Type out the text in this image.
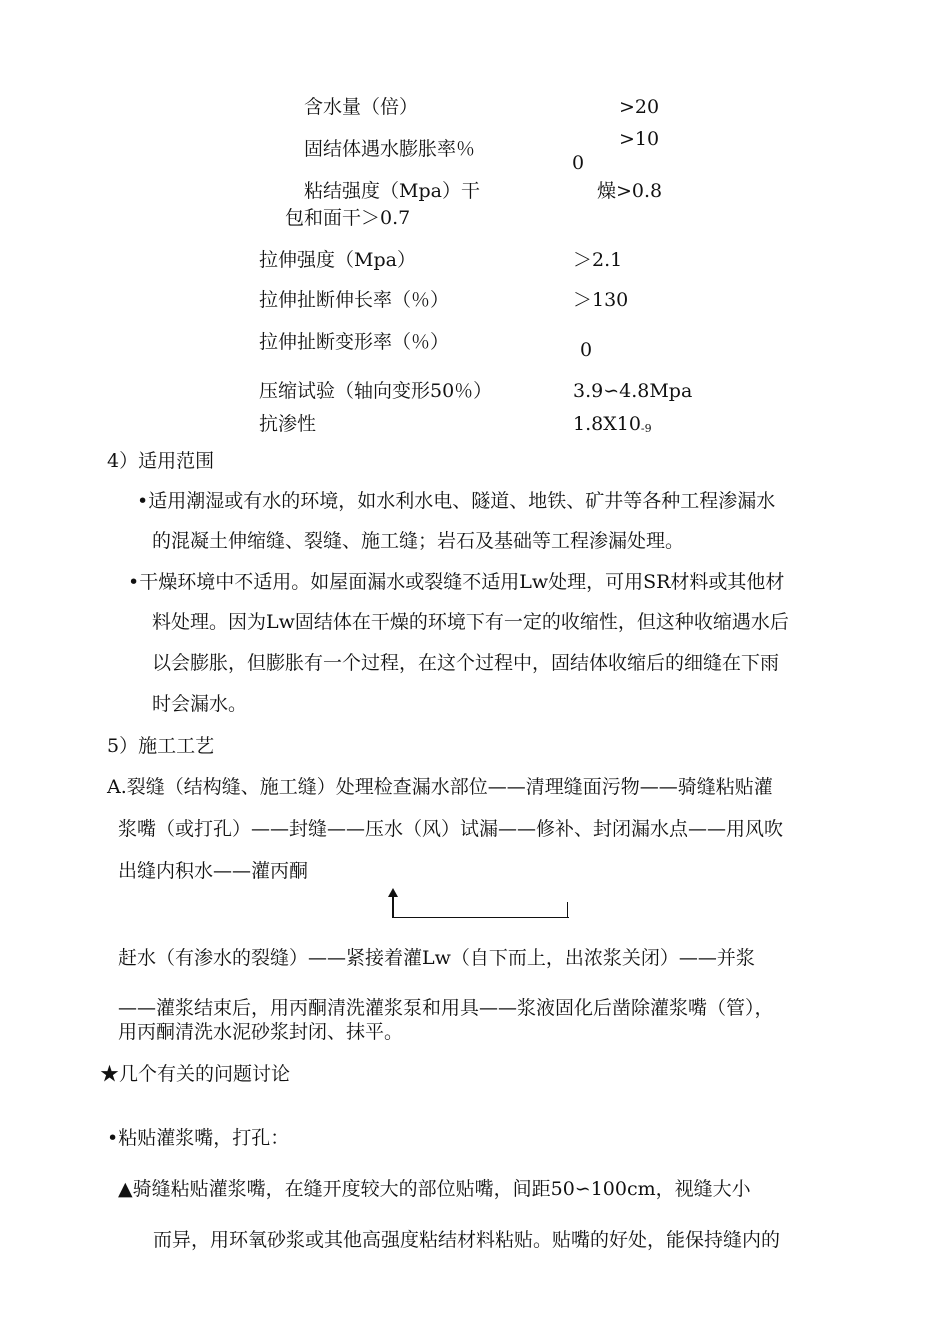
含水量（倍）	>20
固结体遇水膨胀率％	>10
0
粘结强度（Mpa）干	燥>0.8
包和面干＞0.7
拉伸强度（Mpa）	＞2.1
拉伸扯断伸长率（％）	＞130
拉伸扯断变形率（％）	0
压缩试验（轴向变形50％）	3.9∽4.8Mpa
抗渗性	1.8X10-9
4）适用范围
•适用潮湿或有水的环境，如水利水电、隧道、地铁、矿井等各种工程渗漏水
的混凝土伸缩缝、裂缝、施工缝；岩石及基础等工程渗漏处理。
•干燥环境中不适用。如屋面漏水或裂缝不适用Lw处理，可用SR材料或其他材
料处理。因为Lw固结体在干燥的环境下有一定的收缩性，但这种收缩遇水后
以会膨胀，但膨胀有一个过程，在这个过程中，固结体收缩后的细缝在下雨
时会漏水。
5）施工工艺
A.裂缝（结构缝、施工缝）处理检查漏水部位——清理缝面污物——骑缝粘贴灌
浆嘴（或打孔）——封缝——压水（风）试漏——修补、封闭漏水点——用风吹
出缝内积水——灌丙酮
赶水（有渗水的裂缝）——紧接着灌Lw（自下而上，出浓浆关闭）——并浆
——灌浆结束后，用丙酮清洗灌浆泵和用具——浆液固化后凿除灌浆嘴（管），
用丙酮清洗水泥砂浆封闭、抹平。
★几个有关的问题讨论
•粘贴灌浆嘴，打孔：
▲骑缝粘贴灌浆嘴，在缝开度较大的部位贴嘴，间距50∽100cm，视缝大小
而异，用环氧砂浆或其他高强度粘结材料粘贴。贴嘴的好处，能保持缝内的
